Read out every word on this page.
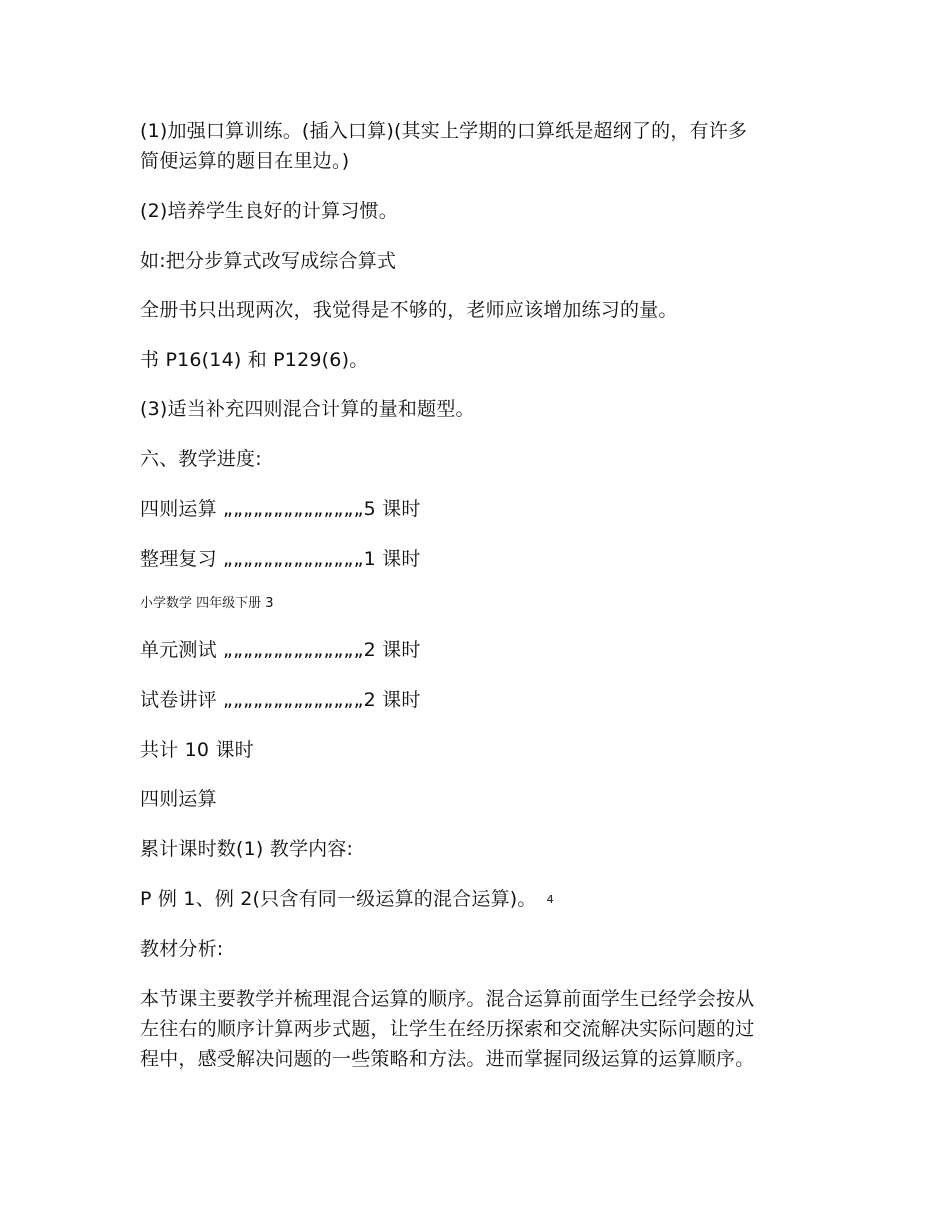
(1)加强口算训练。(插入口算)(其实上学期的口算纸是超纲了的，有许多
简便运算的题目在里边。)
(2)培养学生良好的计算习惯。
如:把分步算式改写成综合算式
全册书只出现两次，我觉得是不够的，老师应该增加练习的量。
书 P16(14) 和 P129(6)。
(3)适当补充四则混合计算的量和题型。
六、教学进度:
四则运算 „„„„„„„„„„„„„„5 课时
整理复习 „„„„„„„„„„„„„„1 课时
小学数学 四年级下册 3
单元测试 „„„„„„„„„„„„„„2 课时
试卷讲评 „„„„„„„„„„„„„„2 课时
共计 10 课时
四则运算
累计课时数(1) 教学内容:
P 例 1、例 2(只含有同一级运算的混合运算)。 4
教材分析:
本节课主要教学并梳理混合运算的顺序。混合运算前面学生已经学会按从
左往右的顺序计算两步式题，让学生在经历探索和交流解决实际问题的过
程中，感受解决问题的一些策略和方法。进而掌握同级运算的运算顺序。
